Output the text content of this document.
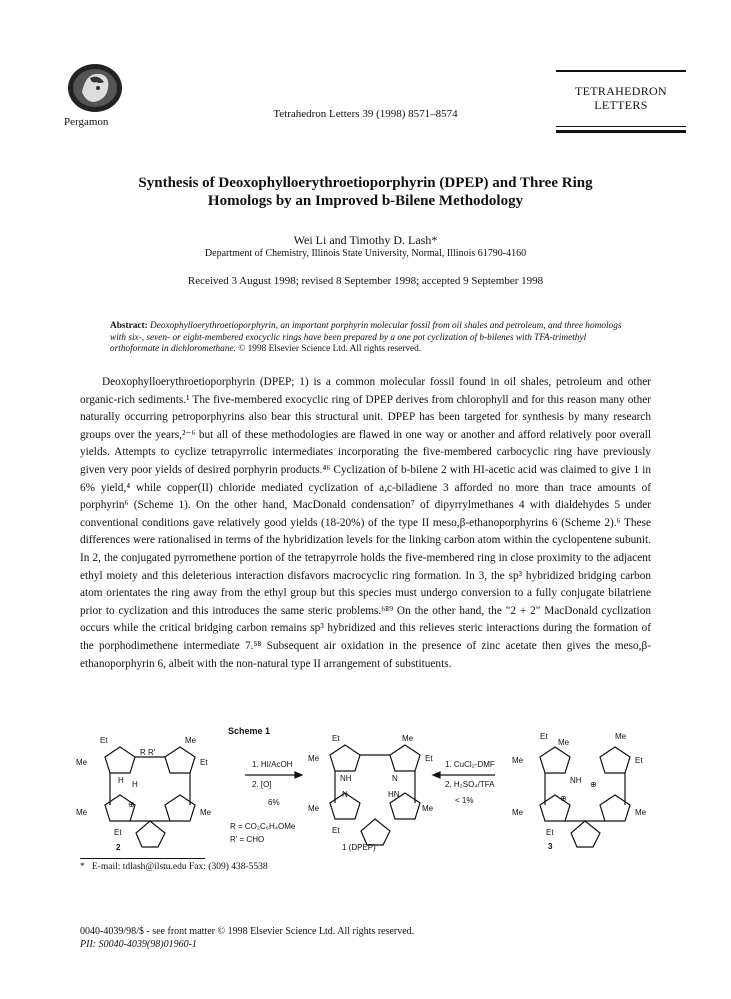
Pergamon
Tetrahedron Letters 39 (1998) 8571–8574
TETRAHEDRON
LETTERS
Synthesis of Deoxophylloerythroetioporphyrin (DPEP) and Three Ring
Homologs by an Improved b-Bilene Methodology
Wei Li and Timothy D. Lash*
Department of Chemistry, Illinois State University, Normal, Illinois 61790-4160
Received 3 August 1998; revised 8 September 1998; accepted 9 September 1998
Abstract: Deoxophylloerythroetioporphyrin, an important porphyrin molecular fossil from oil shales and petroleum, and three homologs with six-, seven- or eight-membered exocyclic rings have been prepared by a one pot cyclization of b-bilenes with TFA-trimethyl orthoformate in dichloromethane. © 1998 Elsevier Science Ltd. All rights reserved.

Deoxophylloerythroetioporphyrin (DPEP; 1) is a common molecular fossil found in oil shales, petroleum and other organic-rich sediments.¹ The five-membered exocyclic ring of DPEP derives from chlorophyll and for this reason many other naturally occurring petroporphyrins also bear this structural unit. DPEP has been targeted for synthesis by many research groups over the years,²⁻⁶ but all of these methodologies are flawed in one way or another and afford relatively poor overall yields. Attempts to cyclize tetrapyrrolic intermediates incorporating the five-membered carbocyclic ring have previously given very poor yields of desired porphyrin products.⁴⁶ Cyclization of b-bilene 2 with HI-acetic acid was claimed to give 1 in 6% yield,⁴ while copper(II) chloride mediated cyclization of a,c-biladiene 3 afforded no more than trace amounts of porphyrin⁶ (Scheme 1). On the other hand, MacDonald condensation⁷ of dipyrrylmethanes 4 with dialdehydes 5 under conventional conditions gave relatively good yields (18-20%) of the type II meso,β-ethanoporphyrins 6 (Scheme 2).⁶ These differences were rationalised in terms of the hybridization levels for the linking carbon atom within the cyclopentene subunit. In 2, the conjugated pyrromethene portion of the tetrapyrrole holds the five-membered ring in close proximity to the adjacent ethyl moiety and this deleterious interaction disfavors macrocyclic ring formation. In 3, the sp³ hybridized bridging carbon atom orientates the ring away from the ethyl group but this species must undergo conversion to a fully conjugate bilatriene prior to cyclization and this introduces the same steric problems.⁶⁸⁹ On the other hand, the "2 + 2" MacDonald cyclization occurs while the critical bridging carbon remains sp³ hybridized and this relieves steric interactions during the formation of the porphodimethene intermediate 7.⁵⁸ Subsequent air oxidation in the presence of zinc acetate then gives the meso,β-ethanoporphyrin 6, albeit with the non-natural type II arrangement of substituents.

Scheme 1
Et	Me
Me	Et
R R'
H H
Me	Me
⊕
Et
2
1. HI/AcOH
2. [O]
6%
R = CO₂C₆H₄OMe
R' = CHO
Et	Me
Me	Et
NH	N
N	HN
Me	Me
Et
1 (DPEP)
1. CuCl₂-DMF
2. H₂SO₄/TFA
< 1%
Et
Me
Me
Me	Et
NH ⊕
⊕
Me	Me
Et
3
* E-mail: tdlash@ilstu.edu Fax: (309) 438-5538
0040-4039/98/$ - see front matter © 1998 Elsevier Science Ltd. All rights reserved.
PII: S0040-4039(98)01960-1
